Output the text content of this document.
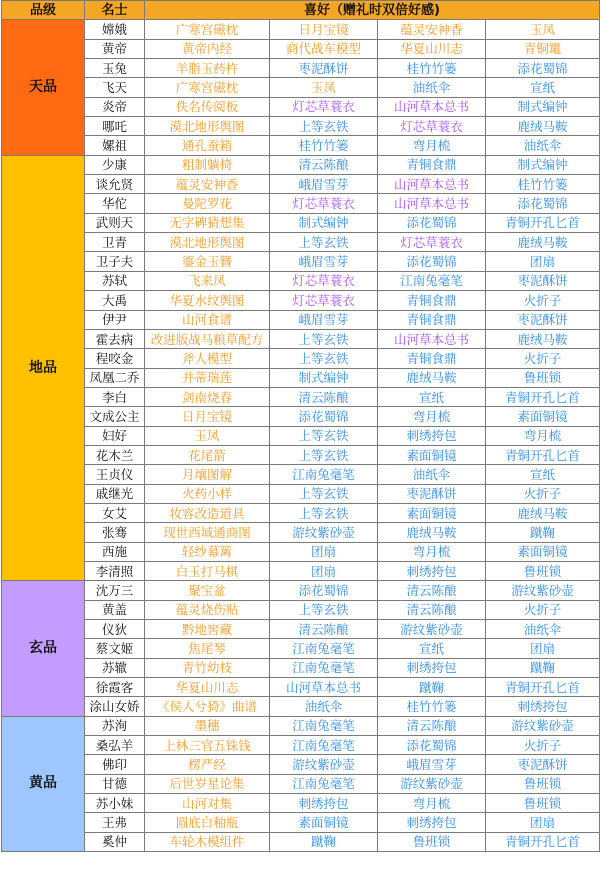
品级	名士	喜好（赠礼时双倍好感)			
天品	嫦娥	广寒宫磁枕	日月宝镜	蕴灵安神香	玉凤
	黄帝	黄帝内经	商代战车模型	华夏山川志	青铜竃
	玉兔	羊脂玉药杵	枣泥酥饼	桂竹竹篓	添花蜀锦
	飞天	广寒宫磁枕	玉凤	油纸伞	宣纸
	炎帝	佚名传阅板	灯芯草蓑衣	山河草本总书	制式编钟
	哪吒	漠北地形舆图	上等玄铁	灯芯草蓑衣	鹿绒马鞍
	嫘祖	通孔蚕箱	桂竹竹篓	弯月梳	油纸伞
地品	少康	粗制躺椅	清云陈酿	青铜食鼎	制式编钟
	谈允贤	蕴灵安神香	峨眉雪芽	山河草本总书	桂竹竹篓
	华佗	曼陀罗花	灯芯草蓑衣	山河草本总书	添花蜀锦
	武则天	无字碑猜想集	制式编钟	添花蜀锦	青铜开孔匕首
	卫青	漠北地形舆图	上等玄铁	灯芯草蓑衣	鹿绒马鞍
	卫子夫	鎏金玉簪	峨眉雪芽	添花蜀锦	团扇
	苏轼	飞来凤	灯芯草蓑衣	江南兔毫笔	枣泥酥饼
	大禹	华夏水纹舆图	灯芯草蓑衣	青铜食鼎	火折子
	伊尹	山河食谱	峨眉雪芽	青铜食鼎	枣泥酥饼
	霍去病	改进版战马粮草配方	上等玄铁	山河草本总书	鹿绒马鞍
	程咬金	斧人模型	上等玄铁	青铜食鼎	火折子
	凤凰二乔	并蒂瑞莲	制式编钟	鹿绒马鞍	鲁班锁
	李白	剑南烧春	清云陈酿	宣纸	青铜开孔匕首
	文成公主	日月宝镜	添花蜀锦	弯月梳	素面铜镜
	妇好	玉凤	上等玄铁	刺绣挎包	弯月梳
	花木兰	花尾箭	上等玄铁	素面铜镜	青铜开孔匕首
	王贞仪	月壤图解	江南兔毫笔	油纸伞	宣纸
	戚继光	火药小样	上等玄铁	枣泥酥饼	火折子
	女艾	妆容改造道具	上等玄铁	素面铜镜	鹿绒马鞍
	张骞	现世西域通商图	游纹紫砂壶	鹿绒马鞍	蹴鞠
	西施	轻纱幕篱	团扇	弯月梳	素面铜镜
	李清照	白玉打马棋	团扇	刺绣挎包	鲁班锁
玄品	沈万三	聚宝盆	添花蜀锦	清云陈酿	游纹紫砂壶
	黄盖	蕴灵烧伤贴	上等玄铁	清云陈酿	火折子
	仪狄	黔地窖藏	清云陈酿	游纹紫砂壶	油纸伞
	蔡文姬	焦尾琴	江南兔毫笔	宣纸	团扇
	苏辙	青竹幼枝	江南兔毫笔	刺绣挎包	蹴鞠
	徐霞客	华夏山川志	山河草本总书	蹴鞠	青铜开孔匕首
	涂山女娇	《侯人兮猗》曲谱	油纸伞	桂竹竹篓	刺绣挎包
黄品	苏洵	墨穗	江南兔毫笔	清云陈酿	游纹紫砂壶
	桑弘羊	上林三官五铢钱	江南兔毫笔	添花蜀锦	火折子
	佛印	楞严经	游纹紫砂壶	峨眉雪芽	枣泥酥饼
	甘德	后世岁星论集	江南兔毫笔	游纹紫砂壶	鲁班锁
	苏小妹	山河对集	刺绣挎包	弯月梳	鲁班锁
	王弗	圆底白釉瓶	素面铜镜	刺绣挎包	团扇
	奚仲	车轮木模组件	蹴鞠	鲁班锁	青铜开孔匕首
